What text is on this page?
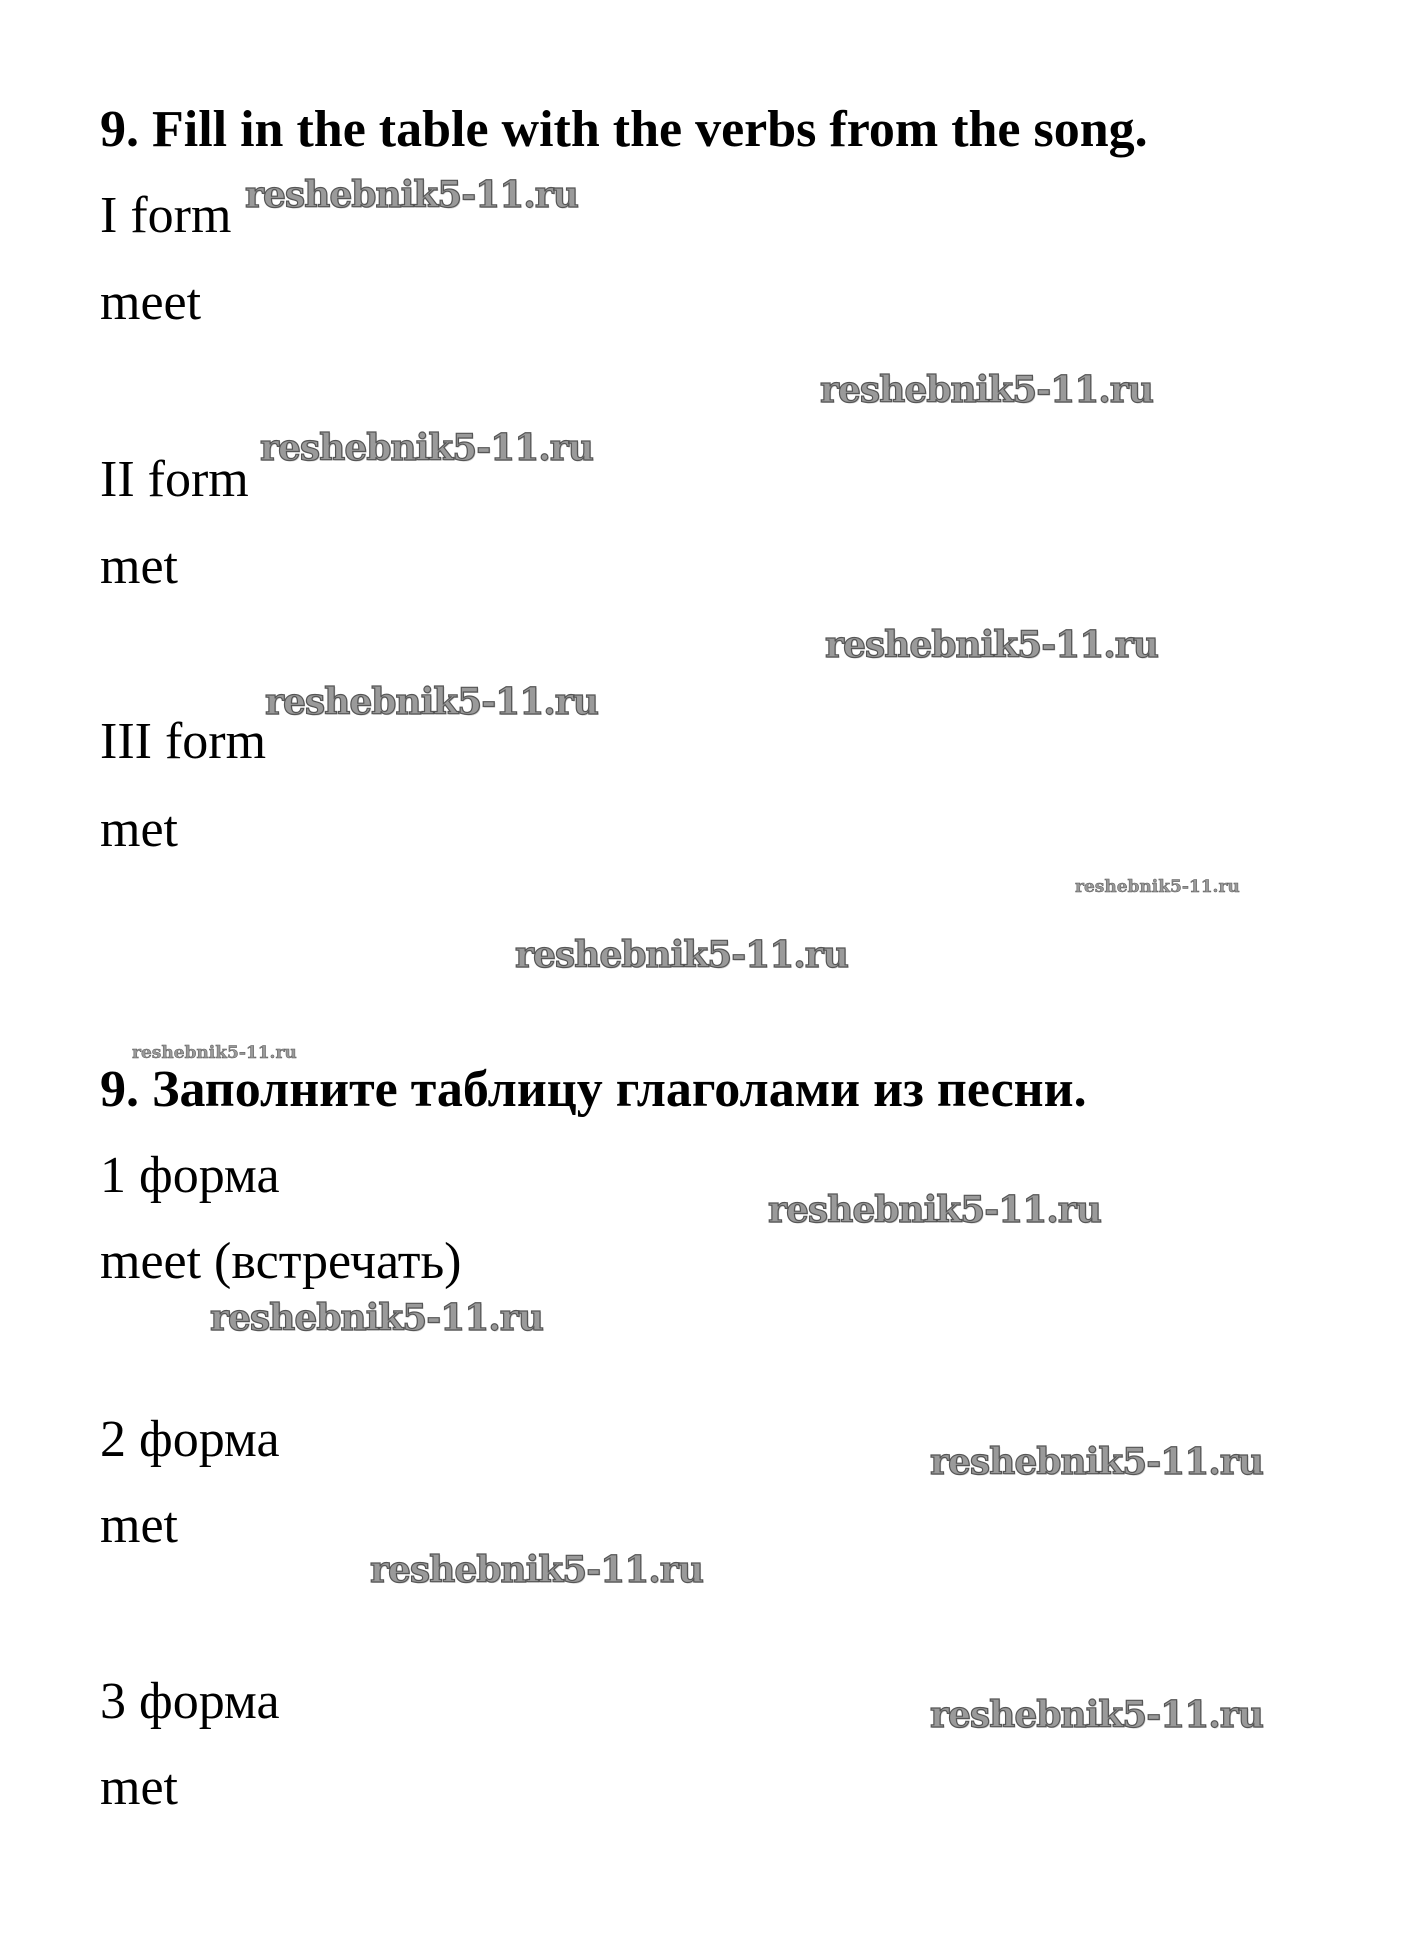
9. Fill in the table with the verbs from the song.
I form
meet
II form
met
III form
met
9. Заполните таблицу глаголами из песни.
1 форма
meet (встречать)
2 форма
met
3 форма
met
reshebnik5-11.ru
reshebnik5-11.ru
reshebnik5-11.ru
reshebnik5-11.ru
reshebnik5-11.ru
reshebnik5-11.ru
reshebnik5-11.ru
reshebnik5-11.ru
reshebnik5-11.ru
reshebnik5-11.ru
reshebnik5-11.ru
reshebnik5-11.ru
reshebnik5-11.ru
